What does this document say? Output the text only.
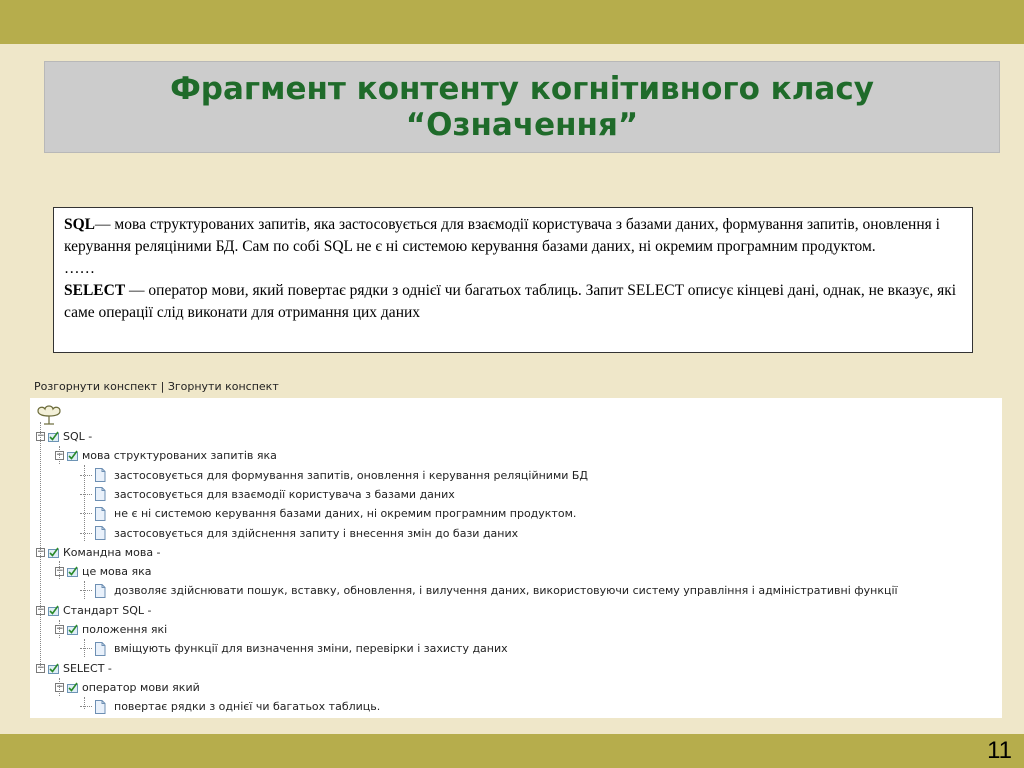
Фрагмент контенту когнітивного класу
“Означення”
SQL— мова структурованих запитів, яка застосовується для взаємодії користувача з базами даних, формування запитів, оновлення і керування реляціними БД. Сам по собі SQL не є ні системою керування базами даних, ні окремим програмним продуктом.
……
SELECT — оператор мови, який повертає рядки з однієї чи багатьох таблиць. Запит SELECT описує кінцеві дані, однак, не вказує, які саме операції слід виконати для отримання цих даних
Розгорнути конспект | Згорнути конспект
− SQL -
− мова структурованих запитів яка
застосовується для формування запитів, оновлення і керування реляційними БД
застосовується для взаємодії користувача з базами даних
не є ні системою керування базами даних, ні окремим програмним продуктом.
застосовується для здійснення запиту і внесення змін до бази даних
− Командна мова -
− це мова яка
дозволяє здійснювати пошук, вставку, обновлення, і вилучення даних, використовуючи систему управління і адміністративні функції
− Стандарт SQL -
− положення які
вміщують функції для визначення зміни, перевірки і захисту даних
− SELECT -
− оператор мови який
повертає рядки з однієї чи багатьох таблиць.
11
